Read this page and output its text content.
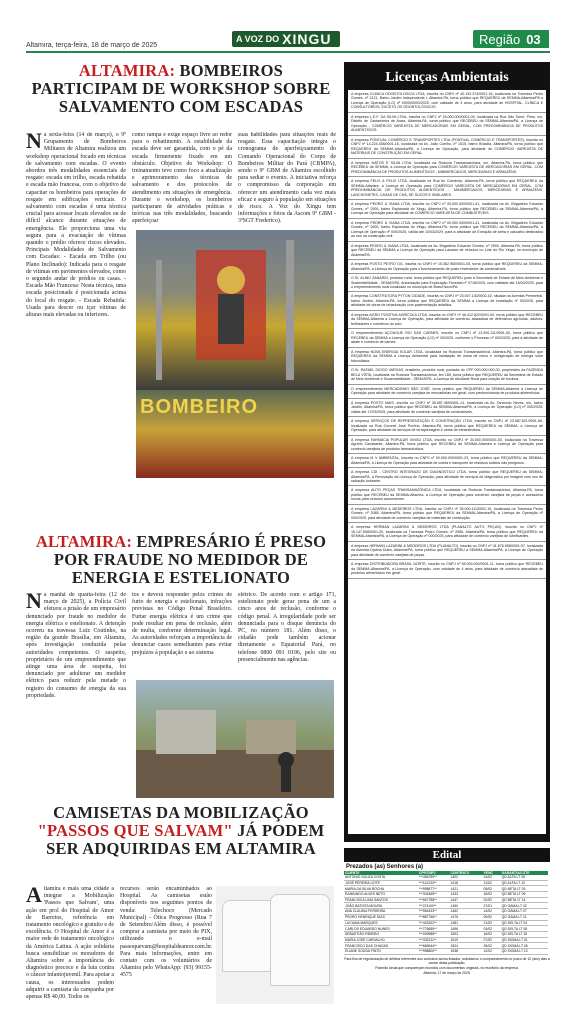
Altamira, terça-feira, 18 de março de 2025
A VOZ DO XINGU	Região 03
ALTAMIRA: BOMBEIROS PARTICIPAM DE WORKSHOP SOBRE SALVAMENTO COM ESCADAS
Na sexta-feira (14 de março), o 9º Grupamento de Bombeiros Militares de Altamira realizou um workshop operacional focado em técnicas de salvamento com escadas. O evento abordou três modalidades essenciais de resgate: escada em trilho, escada rebatida e escada mão francesa, com o objetivo de capacitar os bombeiros para operações de resgate em edificações verticais. O salvamento com escadas é uma técnica crucial para acessar locais elevados ou de difícil alcance durante situações de emergência. Ele proporciona uma via segura para a evacuação de vítimas quando o prédio oferece riscos elevados. Principais Modalidades de Salvamento com Escadas: - Escada em Trilho (ou Plano Inclinado): Indicada para o resgate de vítimas em pavimentos elevados, como o segundo andar de prédios ou casas. - Escada Mão Francesa: Nesta técnica, uma escada posicionada é posicionada acima do local do resgate. - Escada Rebatida: Usada para descer ou içar vítimas de alturas mais elevadas ou inferiores.
como rampa e exige espaço livre ao redor para o rebatimento. A estabilidade da escada deve ser garantida, com o pé da escada firmemente fixado em um obstáculo. Objetivo do Workshop: O treinamento teve como foco a atualização e aprimoramento das técnicas de salvamento e dos protocolos de atendimento em situações de emergência. Durante o workshop, os bombeiros participaram de atividades práticas e teóricas nas três modalidades, buscando aperfeiçoar
suas habilidades para situações reais de resgate. Essa capacitação integra o cronograma de aperfeiçoamento do Comando Operacional do Corpo de Bombeiros Militar do Pará (CBMPA), sendo o 9º GBM de Altamira escolhido para sediar o evento. A iniciativa reforça o compromisso da corporação em oferecer um atendimento cada vez mais eficaz e seguro à população em situações de risco. A Voz do Xingu tem informações e fotos da Ascom 9º GBM - 3ºSGT Frederico).
BOMBEIRO
ALTAMIRA: EMPRESÁRIO É PRESO POR FRAUDE NO MEDIDOR DE ENERGIA E ESTELIONATO
Na manhã de quarta-feira (12 de março de 2025), a Polícia Civil efetuou a prisão de um empresário denunciado por fraude no medidor de energia elétrica e estelionato. A detenção ocorreu na travessa Luiz Coutinho, na região da grande Brasília, em Altamira, após investigação conduzida pelas autoridades competentes. O suspeito, proprietário de um empreendimento que atinge uma área de suspeita, foi denunciado por adulterar um medidor elétrico para reduzir pela metade o registro do consumo de energia da sua propriedade.
tos e deverá responder pelos crimes de furto de energia e estelionato, infrações previstas no Código Penal Brasileiro. Furtar energia elétrica é um crime que pode resultar em pena de reclusão, além de multa, conforme determinação legal. As autoridades reforçam a importância de denunciar casos semelhantes para evitar prejuízos à população e ao sistema
elétrico. De acordo com o artigo 171, estelionato pode gerar pena de um a cinco anos de reclusão, conforme o código penal. A irregularidade pode ser denunciada para o disque denúncia do PC, no número 181. Além disso, o cidadão pode também acionar diretamente a Equatorial Pará, no telefone 0800 091 0196, pelo site ou presencialmente nas agências.
CAMISETAS DA MOBILIZAÇÃO
"PASSOS QUE SALVAM" JÁ PODEM SER ADQUIRIDAS EM ALTAMIRA
Altamira e mais uma cidade a integrar a Mobilização 'Passos que Salvam', uma ação em prol do Hospital de Amor de Barretos, referência em tratamento oncológico e gratuito e de excelência. O Hospital de Amor é a maior rede de tratamento oncológico da América Latina. A ação solidária busca sensibilizar os moradores de Altamira sobre a importância do diagnóstico precoce e da luta contra o câncer infantojuvenil. Para apoiar a causa, os interessados podem adquirir a camiseta da campanha por apenas R$ 40,00. Todos os
recursos serão encaminhados ao Hospital. As camisetas estão disponíveis nos seguintes pontos de venda: Telechoco (Mercado Municipal) - Ótica Progresso (Rua 7 de Setembro/Além disso, é possível comprar a camiseta por meio de PIX, utilizando o e-mail passoquevam@hospitaldeamor.com.br. Para mais informações, entre em contato com os voluntários de Altamira pelo WhatsApp: (93) 99155-4575
Licenças Ambientais

A empresa CLINICA ODONTOLOGICA LTDA, inscrita no CNPJ nº 40.153.374/0001-16, localizada na Travessa Pedro Gomes, nº 2121, Bairro Jardim Independente I, Altamira-PA, torna público que REQUEREU da SEMMA-Altamira/PA a Licença de Operação (LO) nº 000000000/2025, com validade de 4 anos, para atividade de HOSPITAL, CLÍNICA E CONSULTÓRIOS, EXCETO OS ODONTOLÓGICOS.

A empresa L.E.F. DA SILVA LTDA, inscrita no CNPJ nº 15.000.000/0001-00, localizada na Rua São Tomé, Pinto, s/n, Distrito de Castanheira de Arara, Altamira-PA, torna público que RECEBEU da SEMMA-Altamira/PA, a Licença de Operação - COMÉRCIO VAREJISTA DE MERCADORIAS EM GERAL, COM PREDOMINÂNCIA DE PRODUTOS ALIMENTÍCIOS.

A empresa PONTUAL COMÉRCIO E TRANSPORTES LTDA (PONTUAL COMÉRCIO E TRANSPORTES), inscrita no CNPJ nº 14.224.458/0001-16, localizada na Av. João Coelho, nº 1515, bairro Brasília, Altamira/PA, torna público que REQUEREU da SEMMA-Altamira/PA, a Licença de Operação, para atividade de COMÉRCIO VAREJISTA DE MATERIAIS DE CONSTRUÇÃO EM GERAL.

A empresa MATOS E SILVA LTDA, localizada na Rodovia Transamazônica, s/n, Altamira-PA, torna público que RECEBEU da SEMMA, a Licença de Operação para COMÉRCIO VAREJISTA DE MERCADORIAS EM GERAL, COM PREDOMINÂNCIA DE PRODUTOS ALIMENTÍCIOS - MINIMERCADOS, MERCEARIAS E ARMAZÉNS.

A empresa FELIX & FELIX LTDA, localizada na Rua do Comércio, Altamira-PA, torna público que REQUEREU da SEMMA-Altamira, a Licença de Operação para COMÉRCIO VAREJISTA DE MERCADORIAS EM GERAL, COM PREDOMINÂNCIA DE PRODUTOS ALIMENTÍCIOS - MINIMERCADOS, MERCEARIAS E ARMAZÉNS, LANCHONETES, CASAS DE CHÁ, DE SUCOS E SIMILARES.

A empresa PEDRO & VIANA LTDA, inscrita no CNPJ nº 00.000.000/0001-41, localizada na Av. Brigadeiro Eduardo Gomes, nº 2900, bairro Esplanada do Xingu, Altamira-PA, torna público que RECEBEU da SEMMA-Altamira/PA, a Licença de Operação para atividade de COMÉRCIO VAREJISTA DE COMBUSTÍVEIS.

A empresa PEDRO & VIANA LTDA, inscrita no CNPJ nº 00.000.000/0001-41, localizada na Av. Brigadeiro Eduardo Gomes, nº 2900, bairro Esplanada do Xingu, Altamira-PA, torna público que RECEBEU da SEMMA-Altamira/PA, a Licença de Operação nº 000/2025, válida até 10/03/2029, para a atividade de Extração de areia e cascalho destinados ao uso na construção civil.

A empresa PEDRO & VIANA LTDA, localizada na Av. Brigadeiro Eduardo Gomes, nº 2900, Altamira-PA, torna público que RECEBEU da SEMMA a Licença de Operação para Lavador de veículos no Lote do Rio Xingu, no município de Altamira/PA.

A empresa POSTO PETRO GG, inscrita no CNPJ nº 15.362.960/0001-05, torna público que REQUEREU da SEMMA-Altamira/PA, a Licença de Operação para o funcionamento de posto revendedor de combustíveis.

O Sr. ALINO ZANARDI, produtor rural, torna público que REQUEREU junto à Secretaria de Estado de Meio Ambiente e Sustentabilidade - SEMAS/PA, Autorização para Exploração Florestal nº 0718/2025, com validade até 19/03/2025, para o empreendimento rural localizado no município de Brasil Novo/PA.

A empresa CONSTRUTORA PYTON CIDADE, inscrita no CNPJ nº 23.007.130/0002-02, situada na Avenida Perimetral, bairro Jardim, Altamira-PA, torna pública que REQUEREU da SEMMA a Licença de Instalação nº 00/2025, para atividade de obras de urbanização com pavimentação asfáltica.

A empresa AGRO POSITIVA AGRÍCOLA LTDA, inscrita no CNPJ nº 46.412.822/0001-00, torna público que RECEBEU da SEMMA-Altamira a Licença de Operação, para atividade de comércio atacadista de defensivos agrícolas, adubos, fertilizantes e corretivos do solo.

O empreendimento AÇOUGUE RIO DAS CARNES, inscrito no CNPJ nº 13.900.111/0001-00, torna público que RECEBEU da SEMMA a Licença de Operação (LO) nº 00/2025, conforme o Processo nº 000/2025, para a atividade de abate e comércio de carnes.

A empresa NOVA ENERGIA SOLAR LTDA, localizada na Rodovia Transamazônica, Altamira-PA, torna público que REQUEREU da SEMMA a Licença Ambiental para instalação de usina de micro e minigeração de energia solar fotovoltaica.

O Sr. RAFAEL DIOGO VARGAS, brasileiro, produtor rural, portador do CPF 000.000.000-00, proprietário da FAZENDA BELA VISTA, localizada na Rodovia Transamazônica, km 165, torna público que REQUEREU da Secretaria de Estado de Meio Ambiente e Sustentabilidade - SEMAS/PA, a Licença de Atividade Rural para criação de bovinos.

O empreendimento MERCADINHO SÃO JOSÉ, torna público que REQUEREU da SEMMA-Altamira a Licença de Operação para atividade de comércio varejista de mercadorias em geral, com predominância de produtos alimentícios.

A empresa POSTO MAIS, inscrita no CNPJ nº 35.087.469/0001-14, localizada na Av. Tancredo Neves, s/n, bairro Jardim, Altamira/PA, torna público que RECEBEU da SEMMA-Altamira/PA, a Licença de Operação (LO) nº 000/2025, válida até 17/03/2029, para atividade de comércio varejista de combustíveis.

A empresa SERVIÇOS DE REPRESENTAÇÃO E CONSTRUÇÃO LTDA, inscrita no CNPJ nº 23.987.621/0001-60, localizada na Rua Coronel José Porfírio, Altamira-PA, torna público que REQUEREU da SEMMA, a Licença de Operação, para atividade de serviços de terraplenagem e obras de infraestrutura.

A empresa FARMÁCIA POPULAR XINGU LTDA, inscrita no CNPJ nº 34.000.000/0001-00, localizada na Travessa Agrário Cavalcante, Altamira-PA, torna público que RECEBEU da SEMMA-Altamira a Licença de Operação para comércio varejista de produtos farmacêuticos.

A empresa M V AMBIENTAL, inscrita no CNPJ nº 00.000.000/0001-23, torna público que REQUEREU da SEMMA-Altamira/PA, a Licença de Operação para atividade de coleta e transporte de resíduos sólidos não perigosos.

A empresa CDI - CENTRO INTEGRADO DE DIAGNÓSTICO LTDA, torna público que REQUEREU da SEMMA-Altamira/PA, a Renovação da Licença de Operação, para atividade de serviços de diagnóstico por imagem com uso de radiação ionizante.

A empresa AUTO PEÇAS TRANSAMAZÔNICA LTDA, localizada na Rodovia Transamazônica, Altamira-PA, torna público que RECEBEU da SEMMA-Altamira, a Licença de Operação para comércio varejista de peças e acessórios novos para veículos automotores.

A empresa LAZARINI & MEDEIROS LTDA, inscrita no CNPJ nº 35.000.111/0001-10, localizada na Travessa Pedro Gomes, nº 2085, Altamira/PA, torna público que REQUEREU da SEMMA-Altamira/PA, a Licença de Operação nº 000/2025, para atividade de comércio varejista de materiais de construção.

A empresa HERMAN LAZARINI & MEDEIROS LTDA (PLANALTO AUTO PEÇAS), inscrita no CNPJ nº 18.147.658/0001-20, localizada na Travessa Pedro Gomes, nº 2085, Altamira/PA, torna público que REQUEREU da SEMMA-Altamira/PA, a Licença de Operação nº 000/2025, para atividade de comércio varejista de lubrificantes.

A empresa HERMAN LAZARINI & MEDEIROS LTDA (PLANALTO), inscrita no CNPJ nº 41.676.998/0001-97, localizada na Avenida Djalma Dutra, Altamira/PA, torna público que REQUEREU a SEMMA-Altamira/PA, a Licença de Operação para atividade de comércio varejista de peças.

A empresa DISTRIBUIDORA BRASIL NORTE, inscrita no CNPJ nº 55.000.000/0001-11, torna público que RECEBEU da SEMMA-Altamira/PA, a Licença de Operação, com validade de 4 anos, para atividade de comércio atacadista de produtos alimentícios em geral.

Edital
Prezados (as) Senhores (a)
CLIENTE	CPF/CNPJ	CONTRATO	VENC	GARANTIA/LOTE
ANTONIO SOUZA COSTA	***456789**	1402	24/02	QD ALFA LT 05
JOSÉ PEREIRA LEITE	***112233**	1418	11/02	QD ALFA LT 12
MARIA DA SILVA ROCHA	***998877**	1421	05/02	QD BETA LT 03
RAIMUNDO ALVES NETO	***334455**	1433	18/02	QD BETA LT 09
FRANCISCA LIMA SANTOS	***667788**	1447	02/02	QD BETA LT 14
JOÃO BATISTA MOURA	***221100**	1450	27/01	QD GAMA LT 02
ANA CLÁUDIA FERREIRA	***554433**	1462	14/02	QD GAMA LT 07
PEDRO HENRIQUE DIAS	***887766**	1475	09/02	QD GAMA LT 11
LUCIANA MARQUES	***443322**	1481	21/02	QD DELTA LT 04
CARLOS EDUARDO NUNES	***776655**	1496	03/02	QD DELTA LT 08
SEBASTIÃO RIBEIRO	***009988**	1503	16/02	QD DELTA LT 15
MARIA JOSÉ CARVALHO	***332211**	1519	07/02	QD SIGMA LT 01
FRANCISCO DAS CHAGAS	***665544**	1524	25/02	QD SIGMA LT 06
ELIANE SOUSA PINTO	***998800**	1538	12/02	QD SIGMA LT 10

Para fins de regularização de débitos referentes aos contratos acima listados, solicitamos o comparecimento no prazo de 10 (dez) dias a contar desta publicação.

Poderão ainda que compareçam munidos com documentos originais, no escritório da empresa.

Altamira, 17 de março de 2025.
